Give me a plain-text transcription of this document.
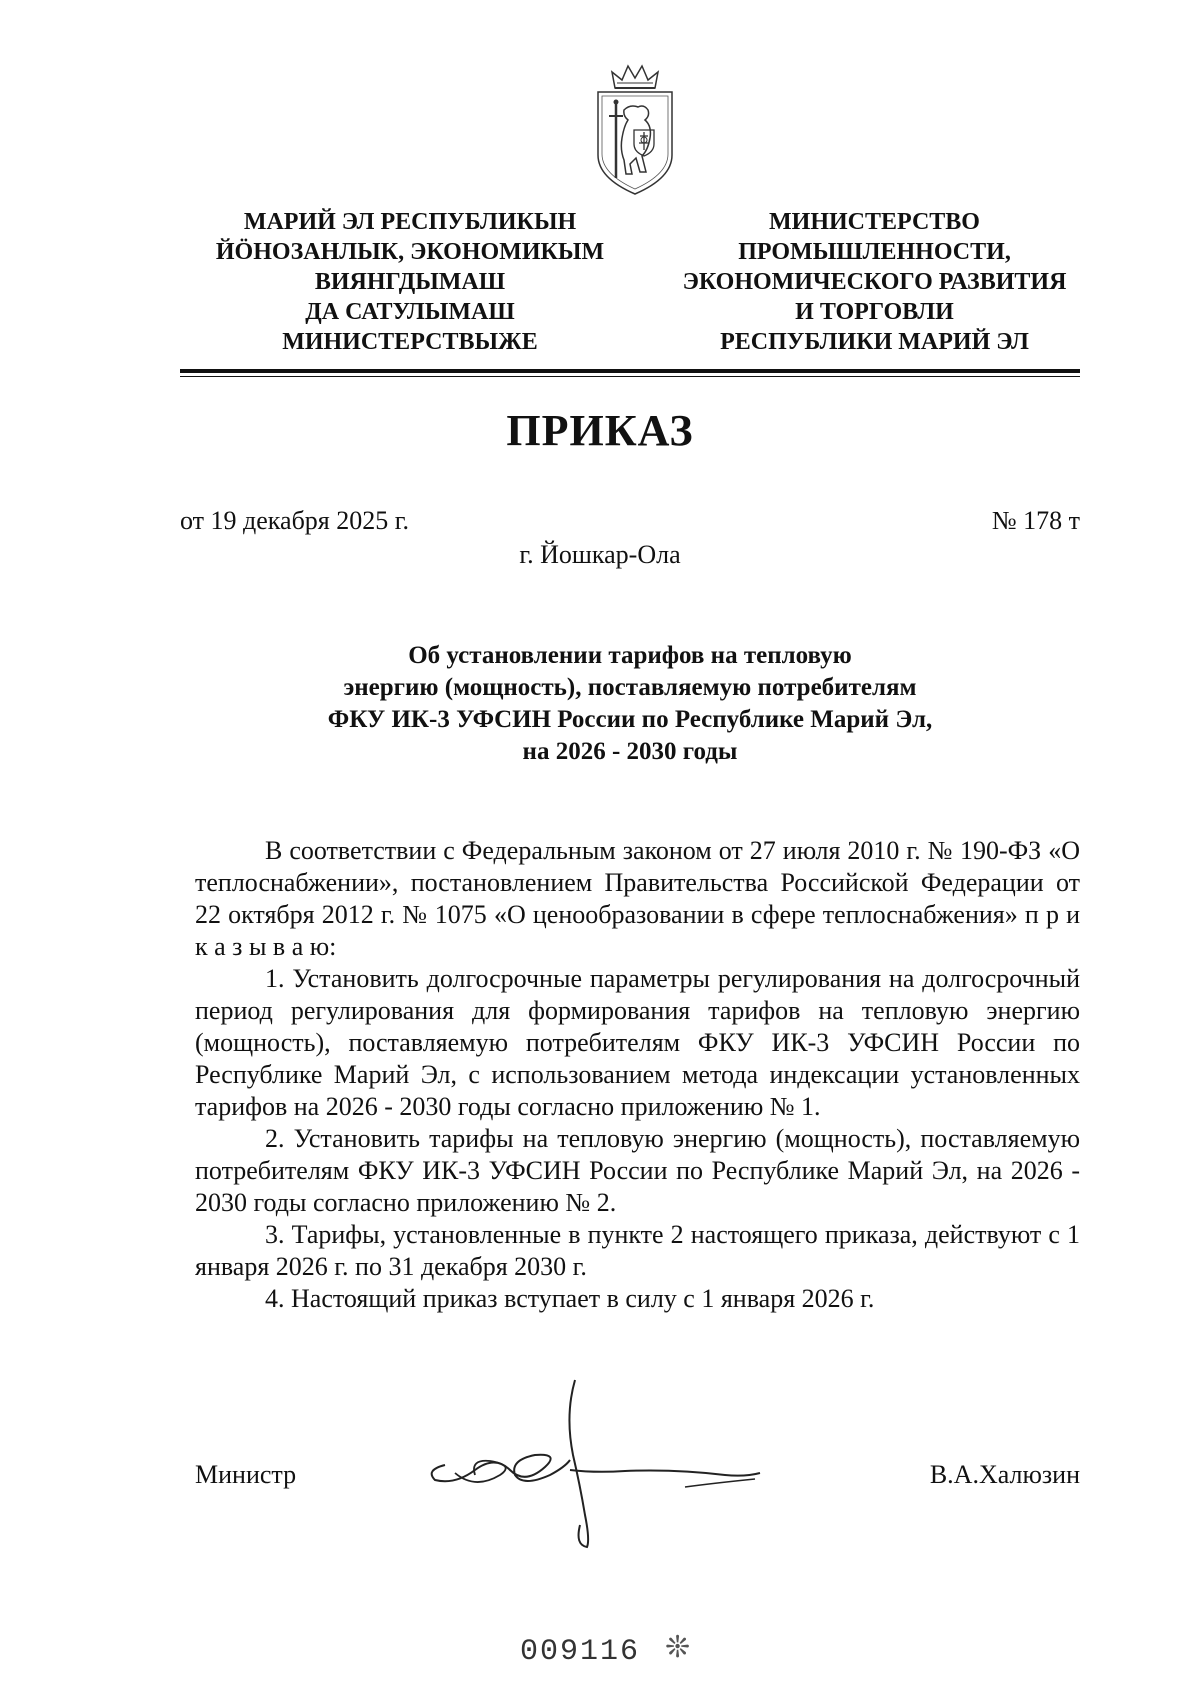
МАРИЙ ЭЛ РЕСПУБЛИКЫН
ЙÖНОЗАНЛЫК, ЭКОНОМИКЫМ
ВИЯНГДЫМАШ
ДА САТУЛЫМАШ
МИНИСТЕРСТВЫЖЕ
МИНИСТЕРСТВО
ПРОМЫШЛЕННОСТИ,
ЭКОНОМИЧЕСКОГО РАЗВИТИЯ
И ТОРГОВЛИ
РЕСПУБЛИКИ МАРИЙ ЭЛ
ПРИКАЗ
от 19 декабря 2025 г.	№ 178 т
г. Йошкар-Ола
Об установлении тарифов на тепловую
энергию (мощность), поставляемую потребителям
ФКУ ИК-3 УФСИН России по Республике Марий Эл,
на 2026 - 2030 годы

В соответствии с Федеральным законом от 27 июля 2010 г. № 190-ФЗ «О теплоснабжении», постановлением Правительства Российской Федерации от 22 октября 2012 г. № 1075 «О ценообразовании в сфере теплоснабжения» п р и к а з ы в а ю:

1. Установить долгосрочные параметры регулирования на долгосрочный период регулирования для формирования тарифов на тепловую энергию (мощность), поставляемую потребителям ФКУ ИК-3 УФСИН России по Республике Марий Эл, с использованием метода индексации установленных тарифов на 2026 - 2030 годы согласно приложению № 1.

2. Установить тарифы на тепловую энергию (мощность), поставляемую потребителям ФКУ ИК-3 УФСИН России по Республике Марий Эл, на 2026 - 2030 годы согласно приложению № 2.

3. Тарифы, установленные в пункте 2 настоящего приказа, действуют с 1 января 2026 г. по 31 декабря 2030 г.

4. Настоящий приказ вступает в силу с 1 января 2026 г.

Министр	В.А.Халюзин
009116 ❊
